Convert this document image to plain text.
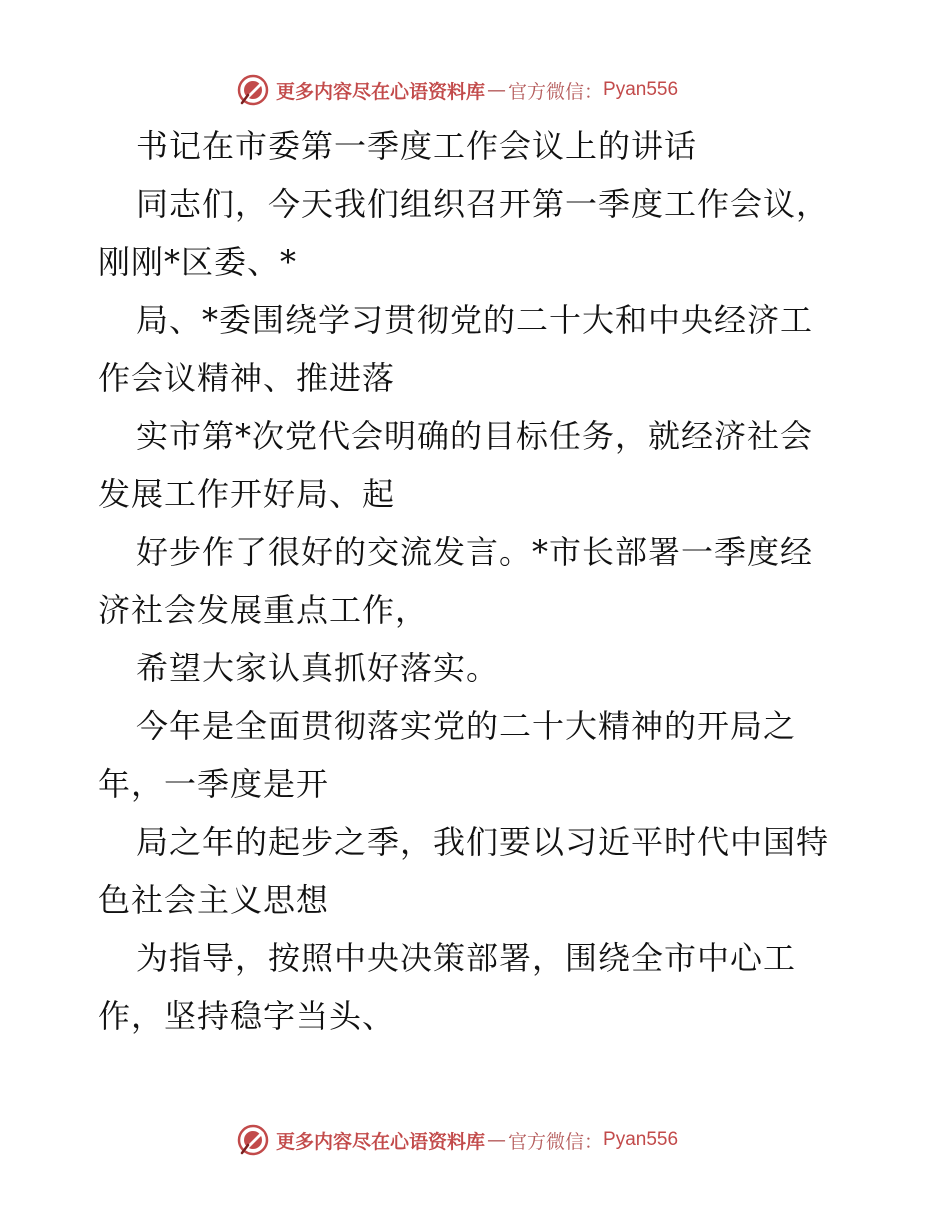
更多内容尽在心语资料库 — 官方微信： Pyan556
书记在市委第一季度工作会议上的讲话
同志们，今天我们组织召开第一季度工作会议，
刚刚*区委、*
局、*委围绕学习贯彻党的二十大和中央经济工
作会议精神、推进落
实市第*次党代会明确的目标任务，就经济社会
发展工作开好局、起
好步作了很好的交流发言。*市长部署一季度经
济社会发展重点工作，
希望大家认真抓好落实。
今年是全面贯彻落实党的二十大精神的开局之
年，一季度是开
局之年的起步之季，我们要以习近平时代中国特
色社会主义思想
为指导，按照中央决策部署，围绕全市中心工
作，坚持稳字当头、
更多内容尽在心语资料库 — 官方微信： Pyan556
